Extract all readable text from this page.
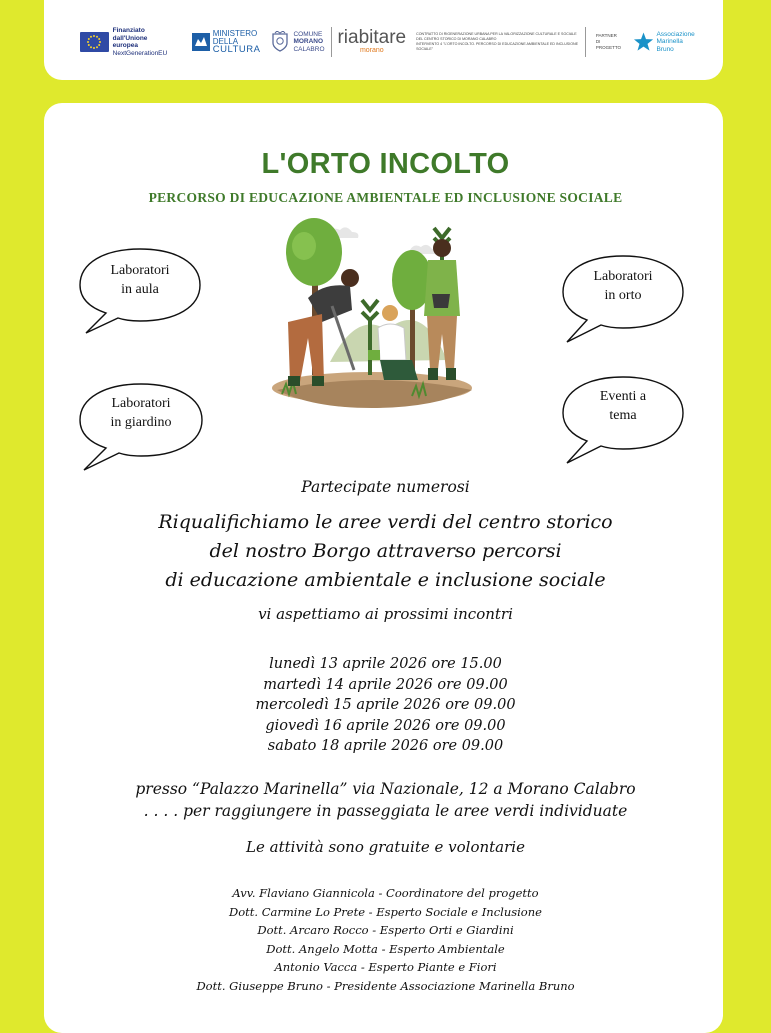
Finanziato
dall'Unione europea
NextGenerationEU
MINISTERO
DELLA
CULTURA
COMUNE
MORANO
CALABRO
riabitare
morano
CONTRATTO DI RIGENERAZIONE URBANA PER LA VALORIZZAZIONE CULTURALE E SOCIALE
DEL CENTRO STORICO DI MORANO CALABRO
INTERVENTO 4 "L'ORTO INCOLTO. PERCORSO DI EDUCAZIONE AMBIENTALE ED INCLUSIONE SOCIALE"
PARTNER
DI PROGETTO
Associazione
Marinella Bruno
L'ORTO INCOLTO
PERCORSO DI EDUCAZIONE AMBIENTALE ED INCLUSIONE SOCIALE
Laboratori
in aula
Laboratori
in orto
Laboratori
in giardino
Eventi a
tema
Partecipate numerosi
Riqualifichiamo le aree verdi del centro storico
del nostro Borgo attraverso percorsi
di educazione ambientale e inclusione sociale
vi aspettiamo ai prossimi incontri
lunedì 13 aprile 2026 ore 15.00
martedì 14 aprile 2026 ore 09.00
mercoledì 15 aprile 2026 ore 09.00
giovedì 16 aprile 2026 ore 09.00
sabato 18 aprile 2026 ore 09.00
presso “Palazzo Marinella” via Nazionale, 12 a Morano Calabro
. . . . per raggiungere in passeggiata le aree verdi individuate
Le attività sono gratuite e volontarie
Avv. Flaviano Giannicola - Coordinatore del progetto
Dott. Carmine Lo Prete - Esperto Sociale e Inclusione
Dott. Arcaro Rocco - Esperto Orti e Giardini
Dott. Angelo Motta - Esperto Ambientale
Antonio Vacca - Esperto Piante e Fiori
Dott. Giuseppe Bruno - Presidente Associazione Marinella Bruno
